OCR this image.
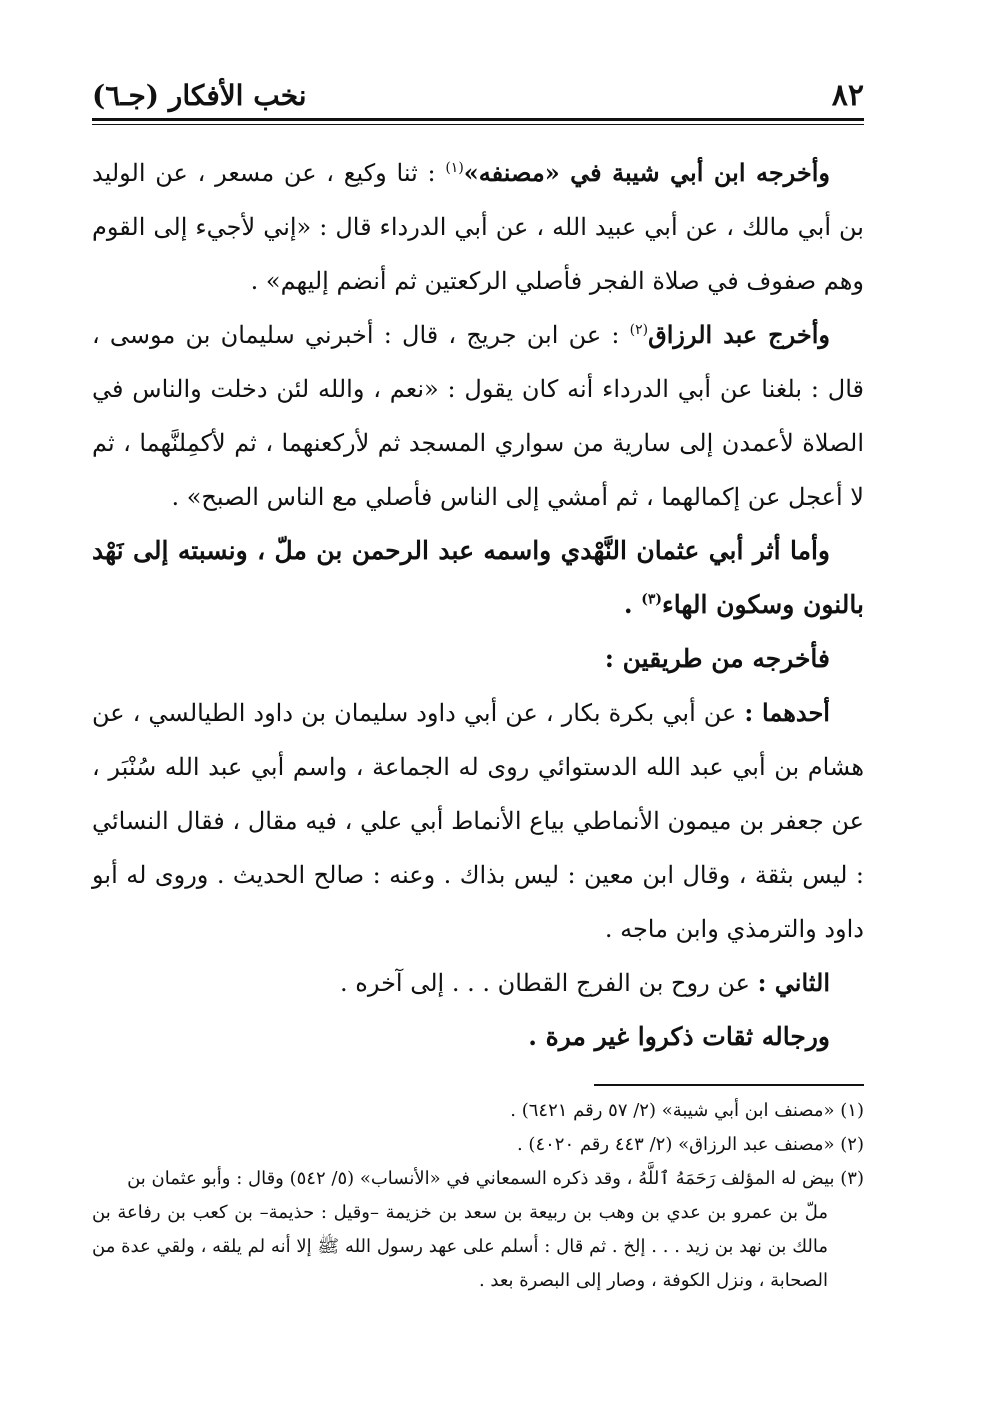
٨٢
نخب الأفكار (جـ٦)

وأخرجه ابن أبي شيبة في «مصنفه»$^{(١)}$ : ثنا وكيع ، عن مسعر ، عن الوليد بن أبي مالك ، عن أبي عبيد الله ، عن أبي الدرداء قال : «إني لأجيء إلى القوم وهم صفوف في صلاة الفجر فأصلي الركعتين ثم أنضم إليهم» .

وأخرج عبد الرزاق$^{(٢)}$ : عن ابن جريج ، قال : أخبرني سليمان بن موسى ، قال : بلغنا عن أبي الدرداء أنه كان يقول : «نعم ، والله لئن دخلت والناس في الصلاة لأعمدن إلى سارية من سواري المسجد ثم لأركعنهما ، ثم لأكمِلنَّهما ، ثم لا أعجل عن إكمالهما ، ثم أمشي إلى الناس فأصلي مع الناس الصبح» .

وأما أثر أبي عثمان النَّهْدي واسمه عبد الرحمن بن ملّ ، ونسبته إلى نَهْد بالنون وسكون الهاء$^{(٣)}$ .

فأخرجه من طريقين :

أحدهما : عن أبي بكرة بكار ، عن أبي داود سليمان بن داود الطيالسي ، عن هشام بن أبي عبد الله الدستوائي روى له الجماعة ، واسم أبي عبد الله سُنْبَر ، عن جعفر بن ميمون الأنماطي بياع الأنماط أبي علي ، فيه مقال ، فقال النسائي : ليس بثقة ، وقال ابن معين : ليس بذاك . وعنه : صالح الحديث . وروى له أبو داود والترمذي وابن ماجه .

الثاني : عن روح بن الفرج القطان . . . إلى آخره .

ورجاله ثقات ذكروا غير مرة .

(١) «مصنف ابن أبي شيبة» (٢/ ٥٧ رقم ٦٤٢١) .

(٢) «مصنف عبد الرزاق» (٢/ ٤٤٣ رقم ٤٠٢٠) .

(٣) بيض له المؤلف رَحَمَهُ ٱللَّهُ ، وقد ذكره السمعاني في «الأنساب» (٥/ ٥٤٢) وقال : وأبو عثمان بن

ملّ بن عمرو بن عدي بن وهب بن ربيعة بن سعد بن خزيمة –وقيل : حذيمة– بن كعب بن رفاعة بن مالك بن نهد بن زيد . . . إلخ . ثم قال : أسلم على عهد رسول الله ﷺ إلا أنه لم يلقه ، ولقي عدة من الصحابة ، ونزل الكوفة ، وصار إلى البصرة بعد .
